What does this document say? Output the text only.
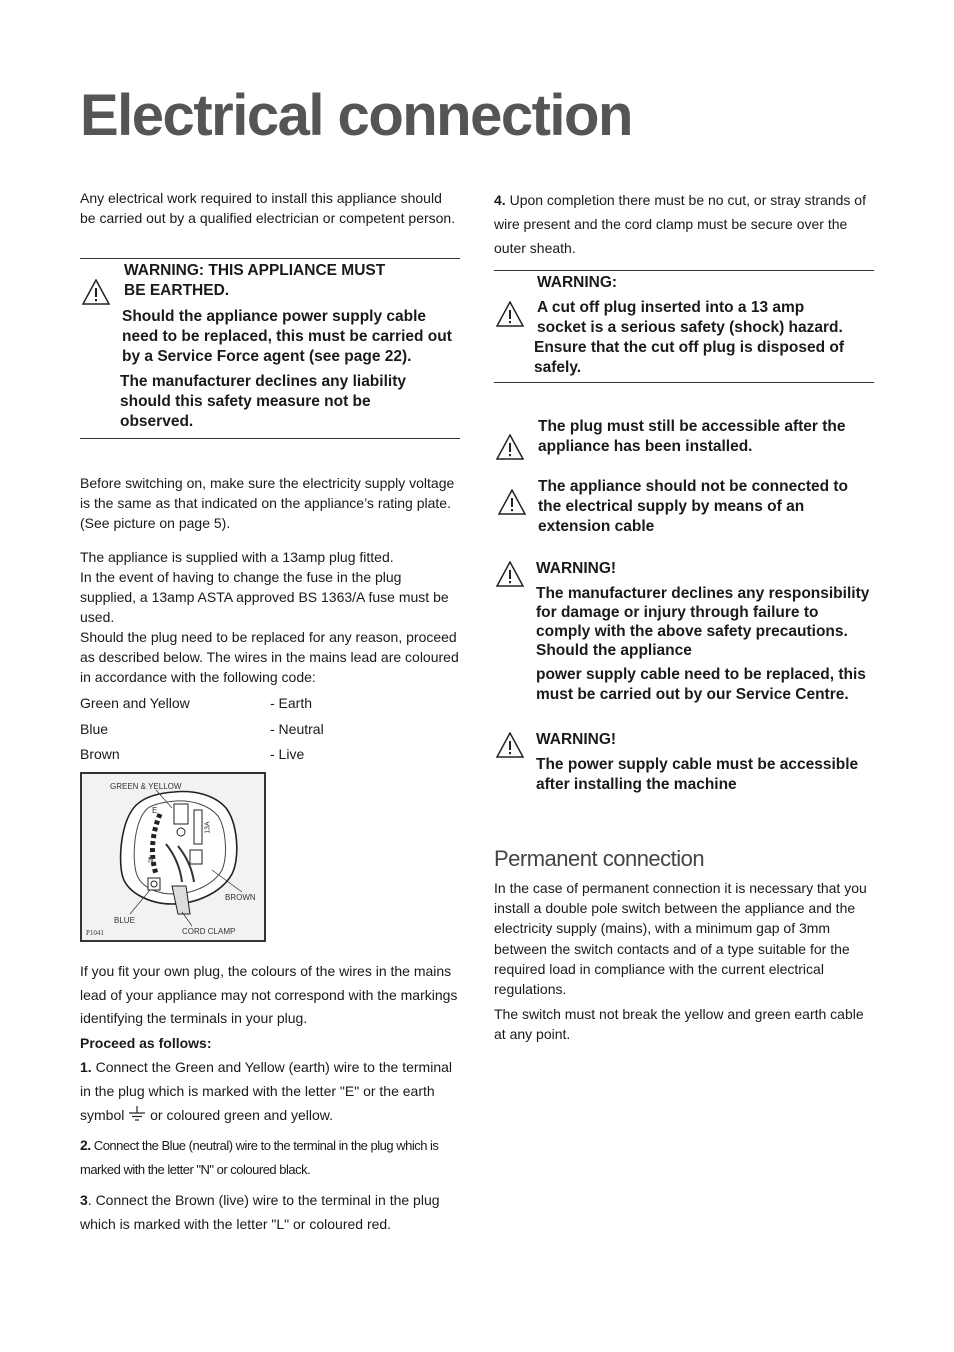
Electrical connection

Any electrical work required to install this appliance should be carried out by a qualified electrician or competent person.

WARNING: THIS APPLIANCE MUST

BE EARTHED.

Should the appliance power supply cable need to be replaced, this must be carried out by a Service Force agent (see page 22).

The manufacturer declines any liability should this safety measure not be observed.

Before switching on, make sure the electricity supply voltage is the same as that indicated on the appliance’s rating plate. (See picture on page 5).

The appliance is supplied with a 13amp plug fitted.

In the event of having to change the fuse in the plug supplied, a 13amp ASTA approved BS 1363/A fuse must be used.

Should the plug need to be replaced for any reason, proceed as described below. The wires in the mains lead are coloured in accordance with the following code:

Green and Yellow	- Earth
Blue	- Neutral
Brown	- Live
GREEN & YELLOW
E
N
13A
BROWN
BLUE
CORD CLAMP
P1041

If you fit your own plug, the colours of the wires in the mains lead of your appliance may not correspond with the markings identifying the terminals in your plug.

Proceed as follows:

1. Connect the Green and Yellow (earth) wire to the terminal in the plug which is marked with the letter "E" or the earth symbol  or coloured green and yellow.

2. Connect the Blue (neutral) wire to the terminal in the plug which is marked with the letter "N" or coloured black.

3. Connect the Brown (live) wire to the terminal in the plug which is marked with the letter "L" or coloured red.

4. Upon completion there must be no cut, or stray strands of wire present and the cord clamp must be secure over the outer sheath.

WARNING:

A cut off plug inserted into a 13 amp socket is a serious safety (shock) hazard.

Ensure that the cut off plug is disposed of safely.

The plug must still be accessible after the appliance has been installed.

The appliance should not be connected to the electrical supply by means of an extension cable

WARNING!

The manufacturer declines any responsibility for damage or injury through failure to comply with the above safety precautions. Should the appliance

power supply cable need to be replaced, this must be carried out by our Service Centre.

WARNING!

The power supply cable must be accessible after installing the machine

Permanent connection

In the case of permanent connection it is necessary that you install a double pole switch between the appliance and the electricity supply (mains), with a minimum gap of 3mm between the switch contacts and of a type suitable for the required load in compliance with the current electrical regulations.

The switch must not break the yellow and green earth cable at any point.
